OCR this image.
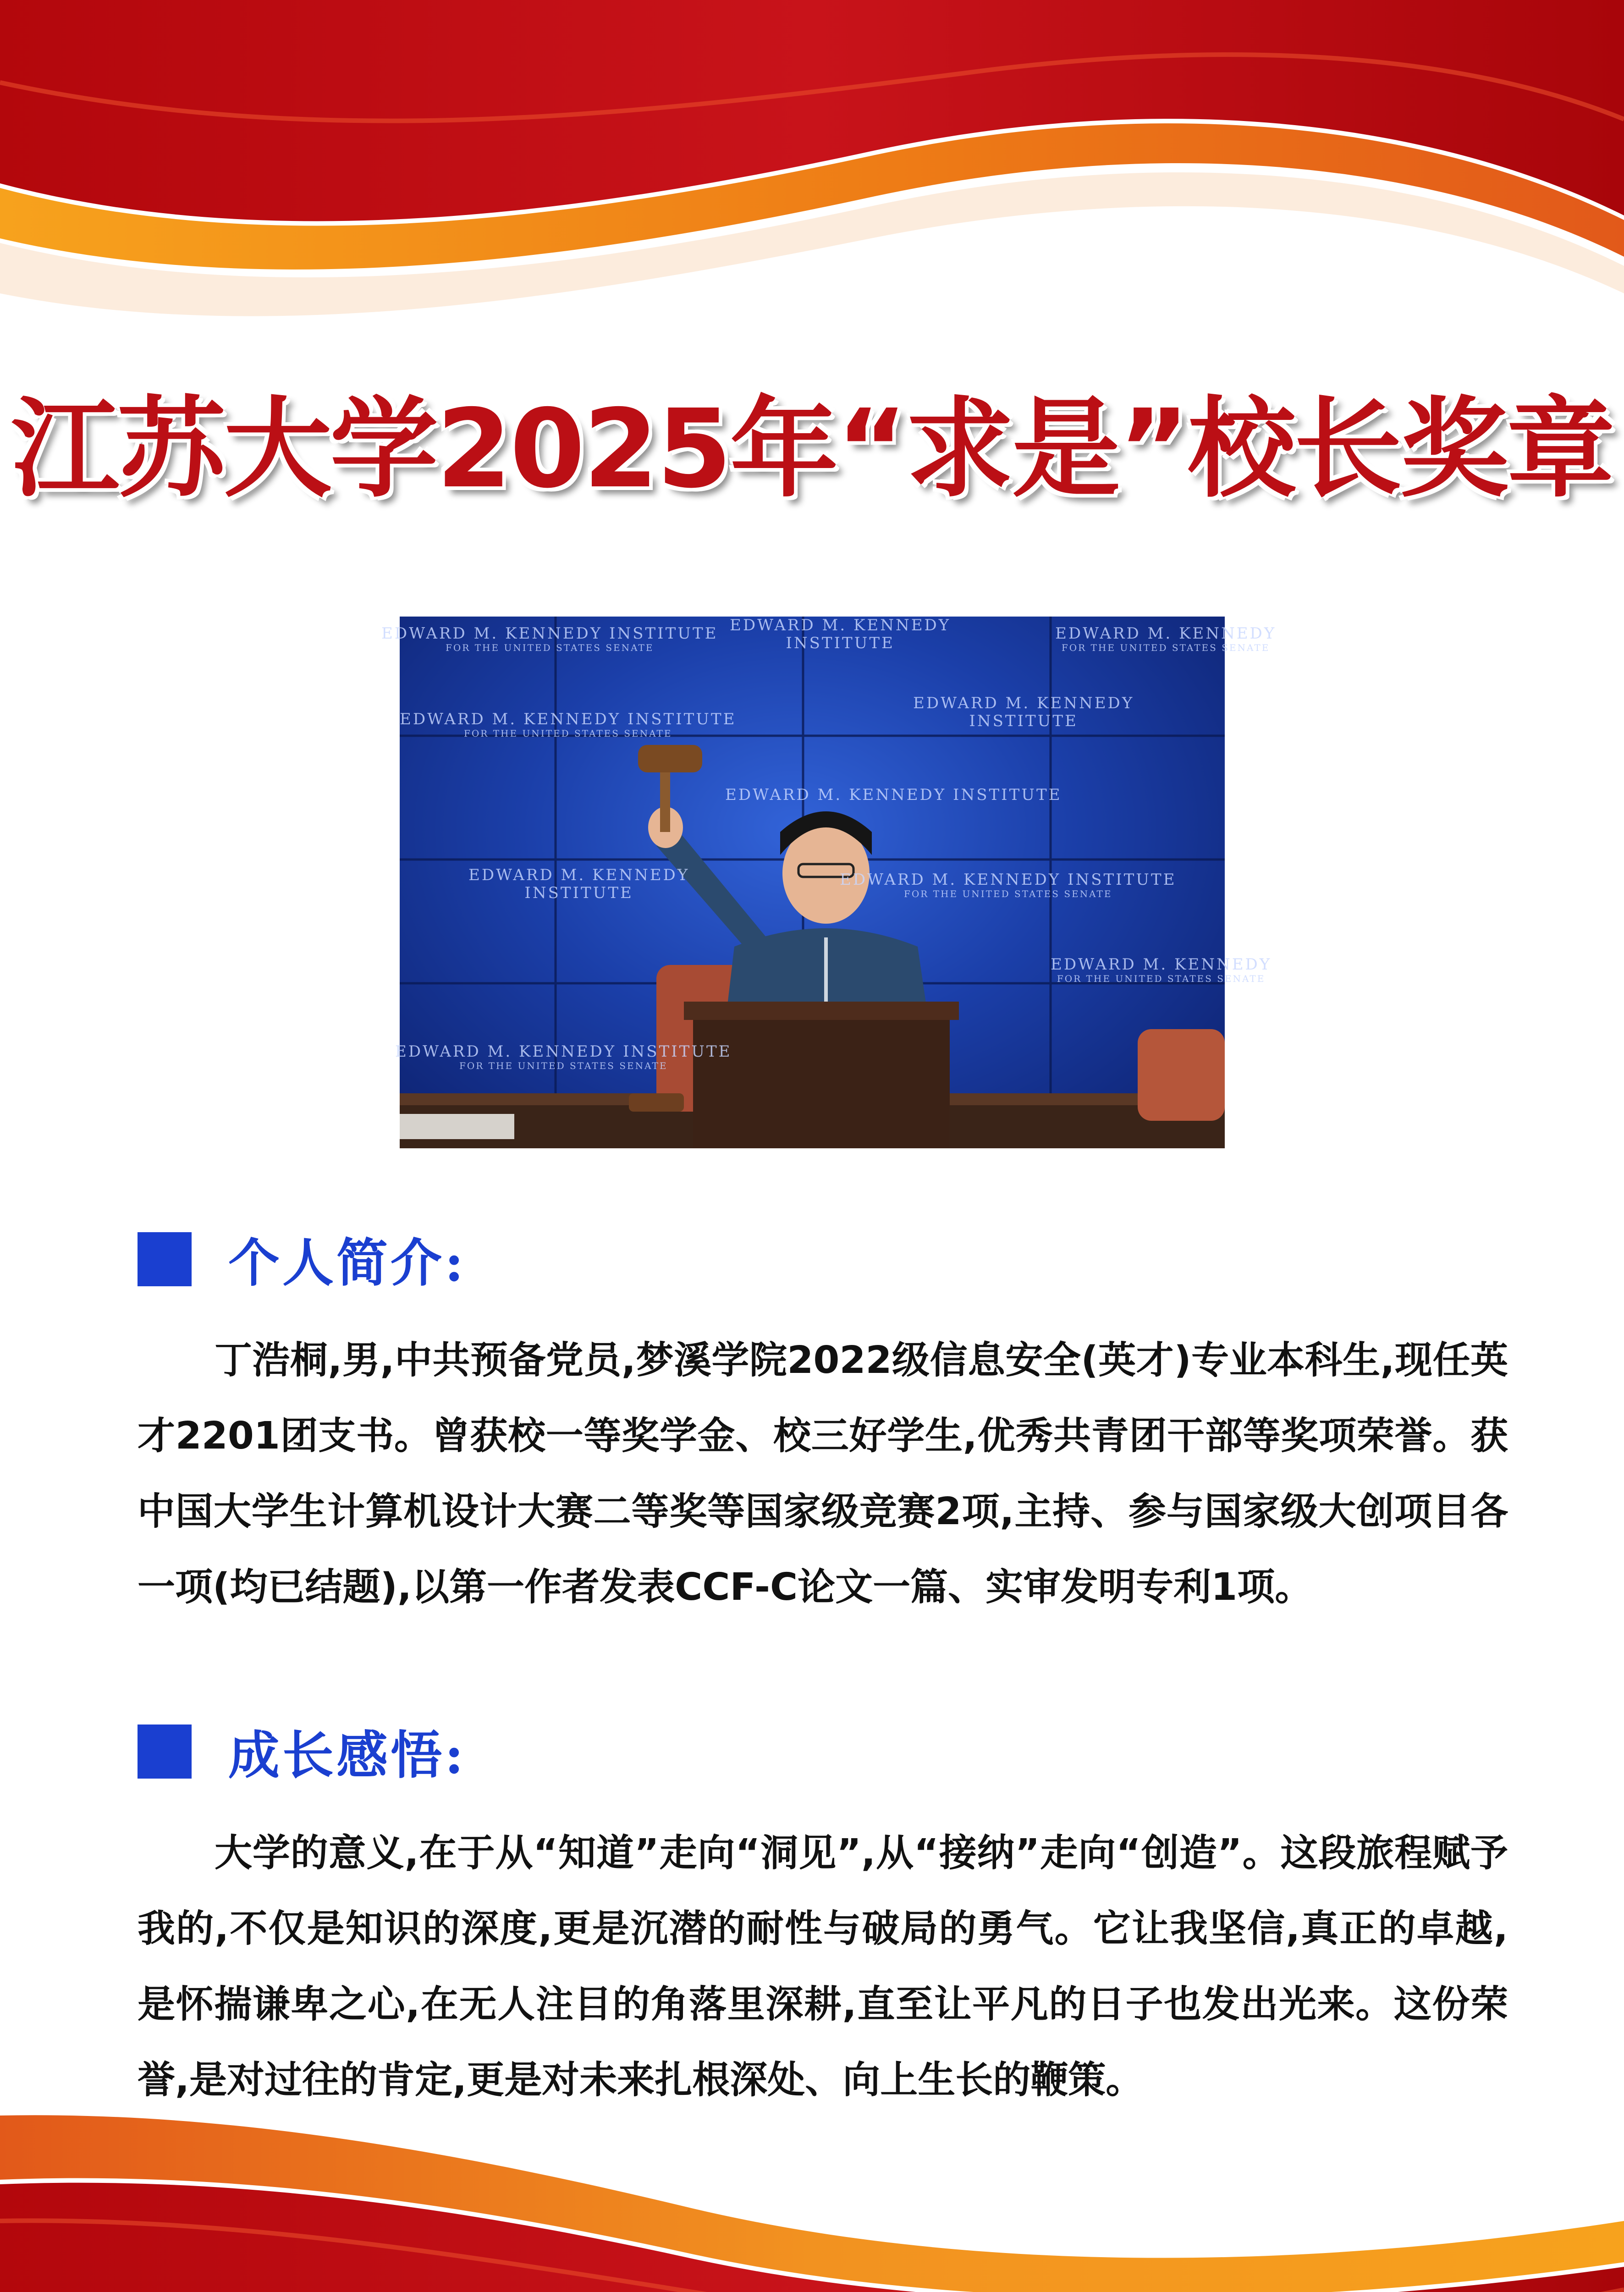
江苏大学2025年“求是”校长奖章
EDWARD M. KENNEDY INSTITUTE
FOR THE UNITED STATES SENATE
EDWARD M. KENNEDY
INSTITUTE
EDWARD M. KENNEDY
FOR THE UNITED STATES SENATE
EDWARD M. KENNEDY
INSTITUTE
EDWARD M. KENNEDY INSTITUTE
FOR THE UNITED STATES SENATE
EDWARD M. KENNEDY INSTITUTE
EDWARD M. KENNEDY
INSTITUTE
EDWARD M. KENNEDY INSTITUTE
FOR THE UNITED STATES SENATE
EDWARD M. KENNEDY
FOR THE UNITED STATES SENATE
EDWARD M. KENNEDY INSTITUTE
FOR THE UNITED STATES SENATE
个人简介:
丁浩桐,男,中共预备党员,梦溪学院2022级信息安全(英才)专业本科生,现任英才2201团支书。曾获校一等奖学金、校三好学生,优秀共青团干部等奖项荣誉。获中国大学生计算机设计大赛二等奖等国家级竞赛2项,主持、参与国家级大创项目各一项(均已结题),以第一作者发表CCF-C论文一篇、实审发明专利1项。
成长感悟:
大学的意义,在于从“知道”走向“洞见”,从“接纳”走向“创造”。这段旅程赋予我的,不仅是知识的深度,更是沉潜的耐性与破局的勇气。它让我坚信,真正的卓越,是怀揣谦卑之心,在无人注目的角落里深耕,直至让平凡的日子也发出光来。这份荣誉,是对过往的肯定,更是对未来扎根深处、向上生长的鞭策。
